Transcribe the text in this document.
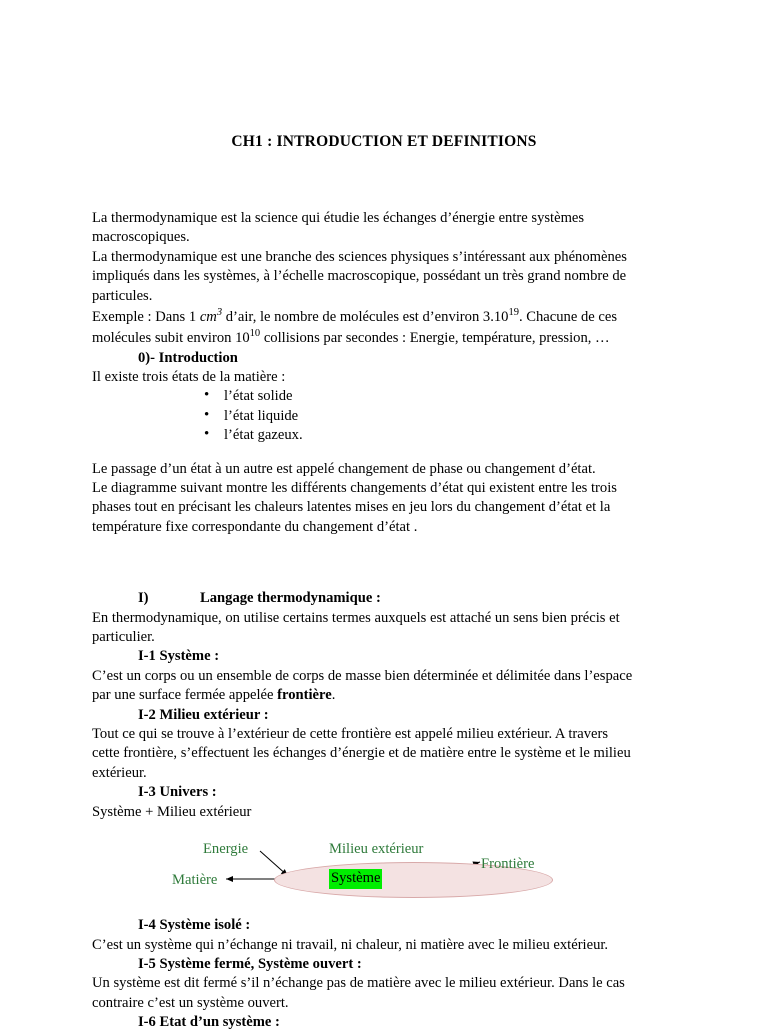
CH1 : INTRODUCTION ET DEFINITIONS

La thermodynamique est la science qui étudie les échanges d’énergie entre systèmes

macroscopiques.

La thermodynamique est une branche des sciences physiques s’intéressant aux phénomènes

impliqués dans les systèmes, à l’échelle macroscopique, possédant un très grand nombre de

particules.

Exemple : Dans 1 $cm^3$ d’air, le nombre de molécules est d’environ 3.10$^{19}$. Chacune de ces

molécules subit environ $10^{10}$ collisions par secondes : Energie, température, pression, …

0)- Introduction

Il existe trois états de la matière :

• l’état solide
• l’état liquide
• l’état gazeux.

Le passage d’un état à un autre est appelé changement de phase ou changement d’état.

Le diagramme suivant montre les différents changements d’état qui existent entre les trois

phases tout en précisant les chaleurs latentes mises en jeu lors du changement d’état et la

température fixe correspondante du changement d’état .

I)	Langage thermodynamique :

En thermodynamique, on utilise certains termes auxquels est attaché un sens bien précis et

particulier.

I-1 Système :

C’est un corps ou un ensemble de corps de masse bien déterminée et délimitée dans l’espace

par une surface fermée appelée frontière.

I-2 Milieu extérieur :

Tout ce qui se trouve à l’extérieur de cette frontière est appelé milieu extérieur. A travers

cette frontière, s’effectuent les échanges d’énergie et de matière entre le système et le milieu

extérieur.

I-3 Univers :

Système + Milieu extérieur

Energie	Milieu extérieur
Matière
Frontière
Système

I-4 Système isolé :

C’est un système qui n’échange ni travail, ni chaleur, ni matière avec le milieu extérieur.

I-5 Système fermé, Système ouvert :

Un système est dit fermé s’il n’échange pas de matière avec le milieu extérieur. Dans le cas

contraire c’est un système ouvert.

I-6 Etat d’un système :
